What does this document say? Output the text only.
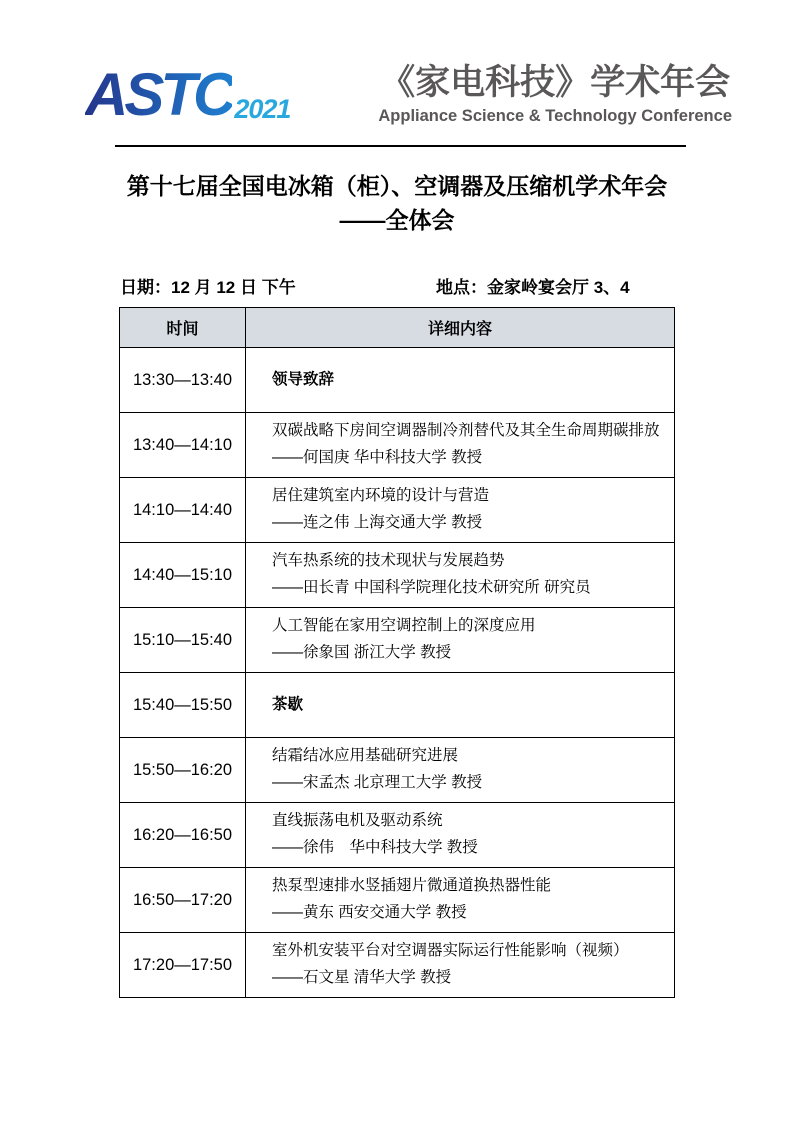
ASTC 2021
《家电科技》学术年会
Appliance Science & Technology Conference
第十七届全国电冰箱（柜）、空调器及压缩机学术年会
——全体会
日期：12 月 12 日 下午	地点：金家岭宴会厅 3、4
时间	详细内容
13:30—13:40	领导致辞

13:40—14:10	双碳战略下房间空调器制冷剂替代及其全生命周期碳排放
——何国庚 华中科技大学 教授

14:10—14:40	居住建筑室内环境的设计与营造
——连之伟 上海交通大学 教授

14:40—15:10	汽车热系统的技术现状与发展趋势
——田长青 中国科学院理化技术研究所 研究员

15:10—15:40	人工智能在家用空调控制上的深度应用
——徐象国 浙江大学 教授

15:40—15:50	茶歇

15:50—16:20	结霜结冰应用基础研究进展
——宋孟杰 北京理工大学 教授

16:20—16:50	直线振荡电机及驱动系统
——徐伟　华中科技大学 教授

16:50—17:20	热泵型速排水竖插翅片微通道换热器性能
——黄东 西安交通大学 教授

17:20—17:50	室外机安装平台对空调器实际运行性能影响（视频）
——石文星 清华大学 教授
